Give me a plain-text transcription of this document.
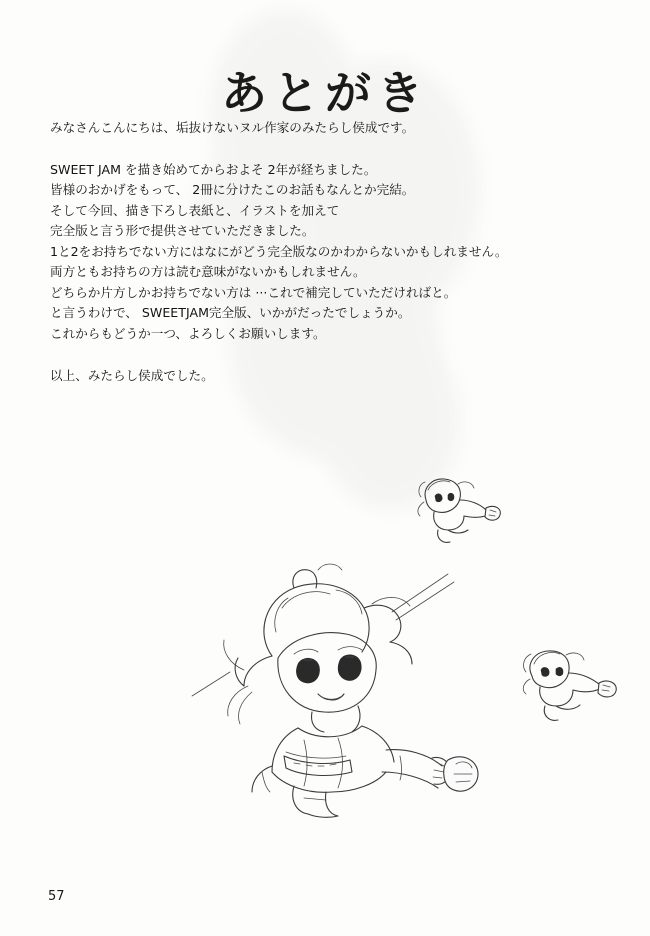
あとがき

みなさんこんにちは、垢抜けないヌル作家のみたらし侯成です。

SWEET JAM を描き始めてからおよそ 2年が経ちました。

皆様のおかげをもって、 2冊に分けたこのお話もなんとか完結。

そして今回、描き下ろし表紙と、イラストを加えて

完全版と言う形で提供させていただきました。

1と2をお持ちでない方にはなにがどう完全版なのかわからないかもしれません。

両方ともお持ちの方は読む意味がないかもしれません。

どちらか片方しかお持ちでない方は ···これで補完していただければと。

と言うわけで、 SWEETJAM完全版、いかがだったでしょうか。

これからもどうか一つ、よろしくお願いします。

以上、みたらし侯成でした。

57
